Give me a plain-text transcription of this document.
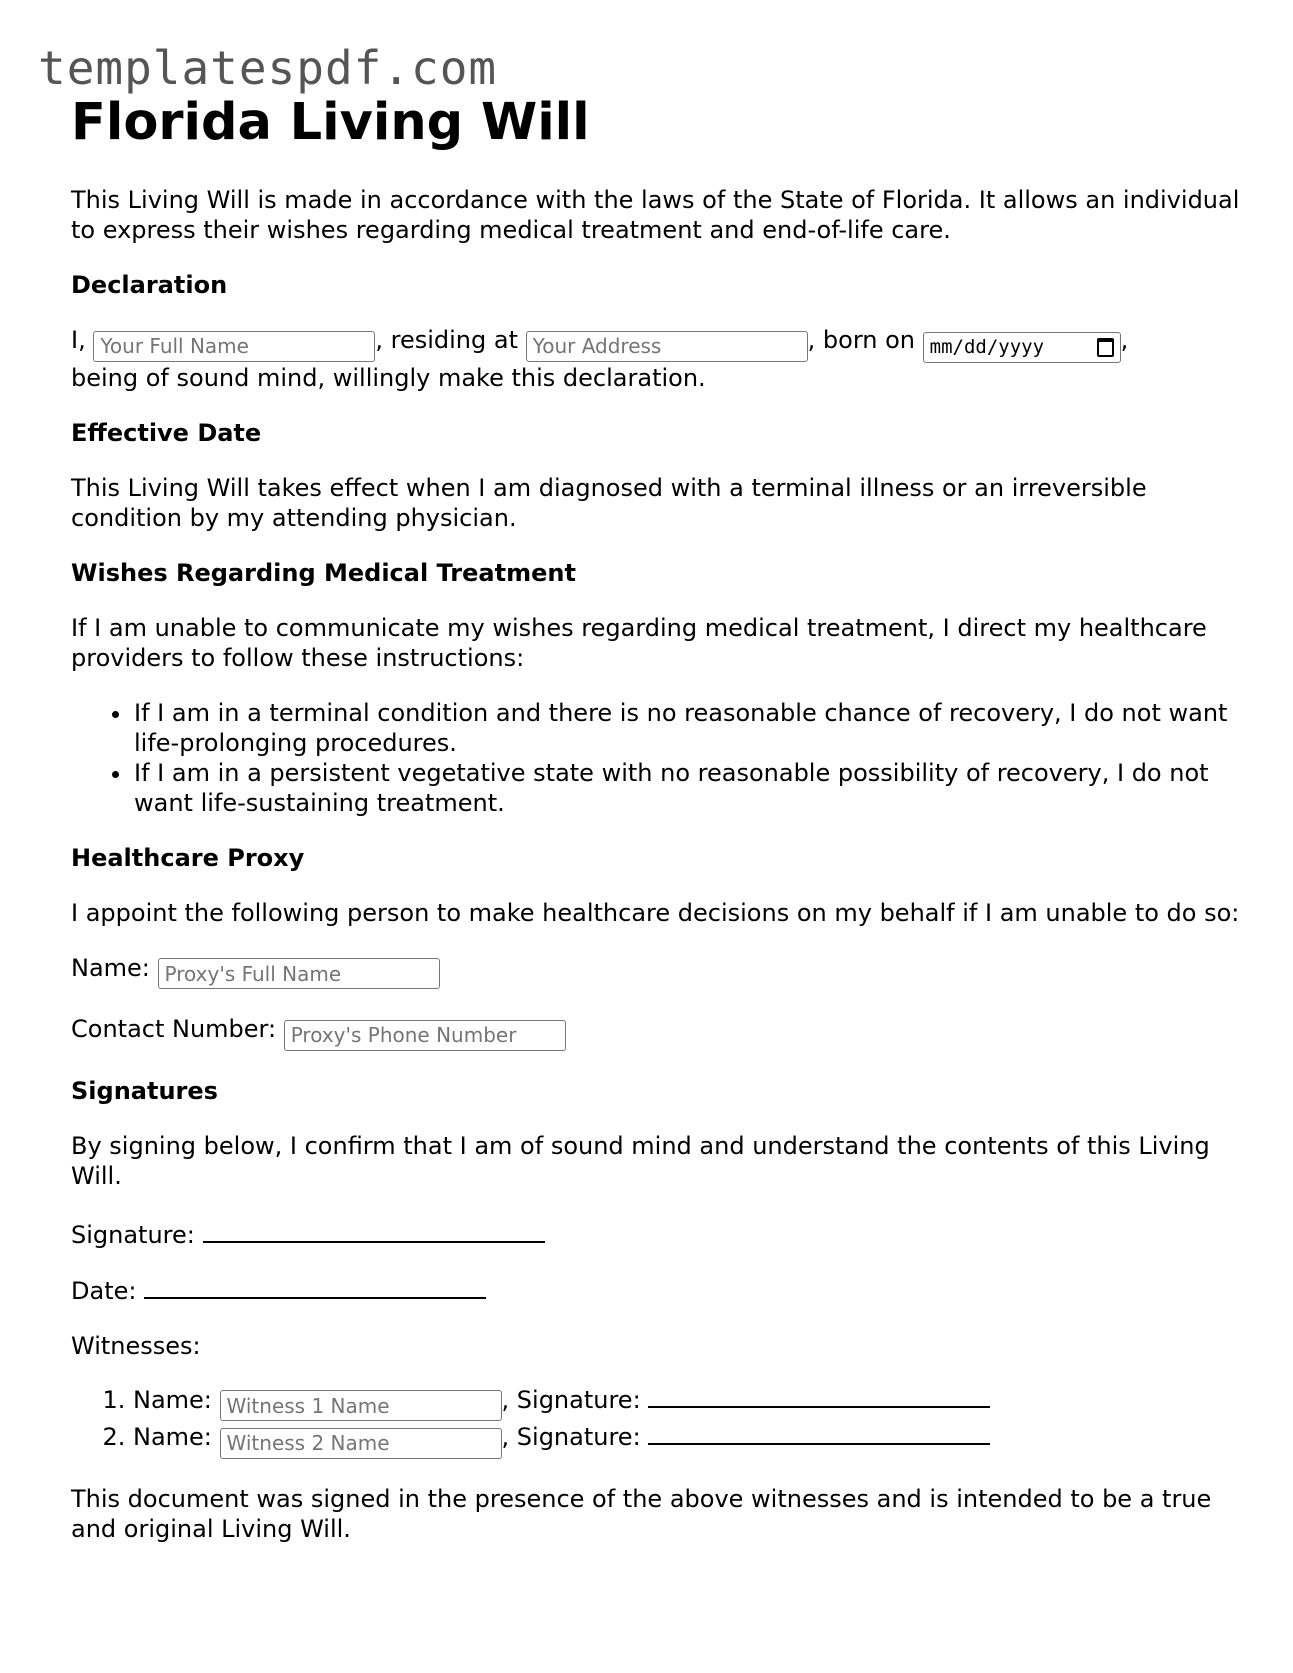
templatespdf.com
Florida Living Will

This Living Will is made in accordance with the laws of the State of Florida. It allows an individual to express their wishes regarding medical treatment and end-of-life care.

Declaration

I, Your Full Name	, residing at Your Address	, born on mm/dd/yyyy	,
being of sound mind, willingly make this declaration.

Effective Date

This Living Will takes effect when I am diagnosed with a terminal illness or an irreversible condition by my attending physician.

Wishes Regarding Medical Treatment

If I am unable to communicate my wishes regarding medical treatment, I direct my healthcare providers to follow these instructions:

• If I am in a terminal condition and there is no reasonable chance of recovery, I do not want life-prolonging procedures.
• If I am in a persistent vegetative state with no reasonable possibility of recovery, I do not want life-sustaining treatment.
Healthcare Proxy

I appoint the following person to make healthcare decisions on my behalf if I am unable to do so:

Name: Proxy's Full Name

Contact Number: Proxy's Phone Number

Signatures

By signing below, I confirm that I am of sound mind and understand the contents of this Living Will.

Signature:

Date:

Witnesses:

1. Name: Witness 1 Name	, Signature:
2. Name: Witness 2 Name	, Signature:

This document was signed in the presence of the above witnesses and is intended to be a true and original Living Will.
